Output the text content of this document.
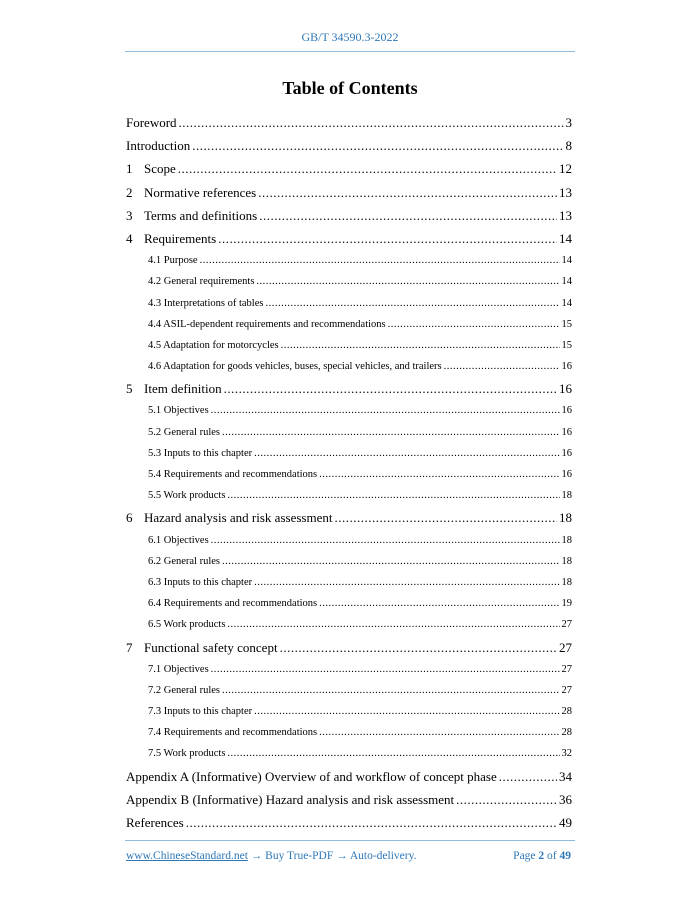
GB/T 34590.3-2022
Table of Contents
Foreword .....	3
Introduction .....	8
1 Scope .....	12
2 Normative references .....	13
3 Terms and definitions .....	13
4 Requirements .....	14
4.1 Purpose .....	14
4.2 General requirements .....	14
4.3 Interpretations of tables .....	14
4.4 ASIL-dependent requirements and recommendations .....	15
4.5 Adaptation for motorcycles .....	15
4.6 Adaptation for goods vehicles, buses, special vehicles, and trailers .....	16
5 Item definition .....	16
5.1 Objectives .....	16
5.2 General rules .....	16
5.3 Inputs to this chapter .....	16
5.4 Requirements and recommendations .....	16
5.5 Work products .....	18
6 Hazard analysis and risk assessment .....	18
6.1 Objectives .....	18
6.2 General rules .....	18
6.3 Inputs to this chapter .....	18
6.4 Requirements and recommendations .....	19
6.5 Work products .....	27
7 Functional safety concept .....	27
7.1 Objectives .....	27
7.2 General rules .....	27
7.3 Inputs to this chapter .....	28
7.4 Requirements and recommendations .....	28
7.5 Work products .....	32
Appendix A (Informative) Overview of and workflow of concept phase .....	34
Appendix B (Informative) Hazard analysis and risk assessment .....	36
References .....	49
www.ChineseStandard.net → Buy True-PDF → Auto-delivery.	Page 2 of 49
